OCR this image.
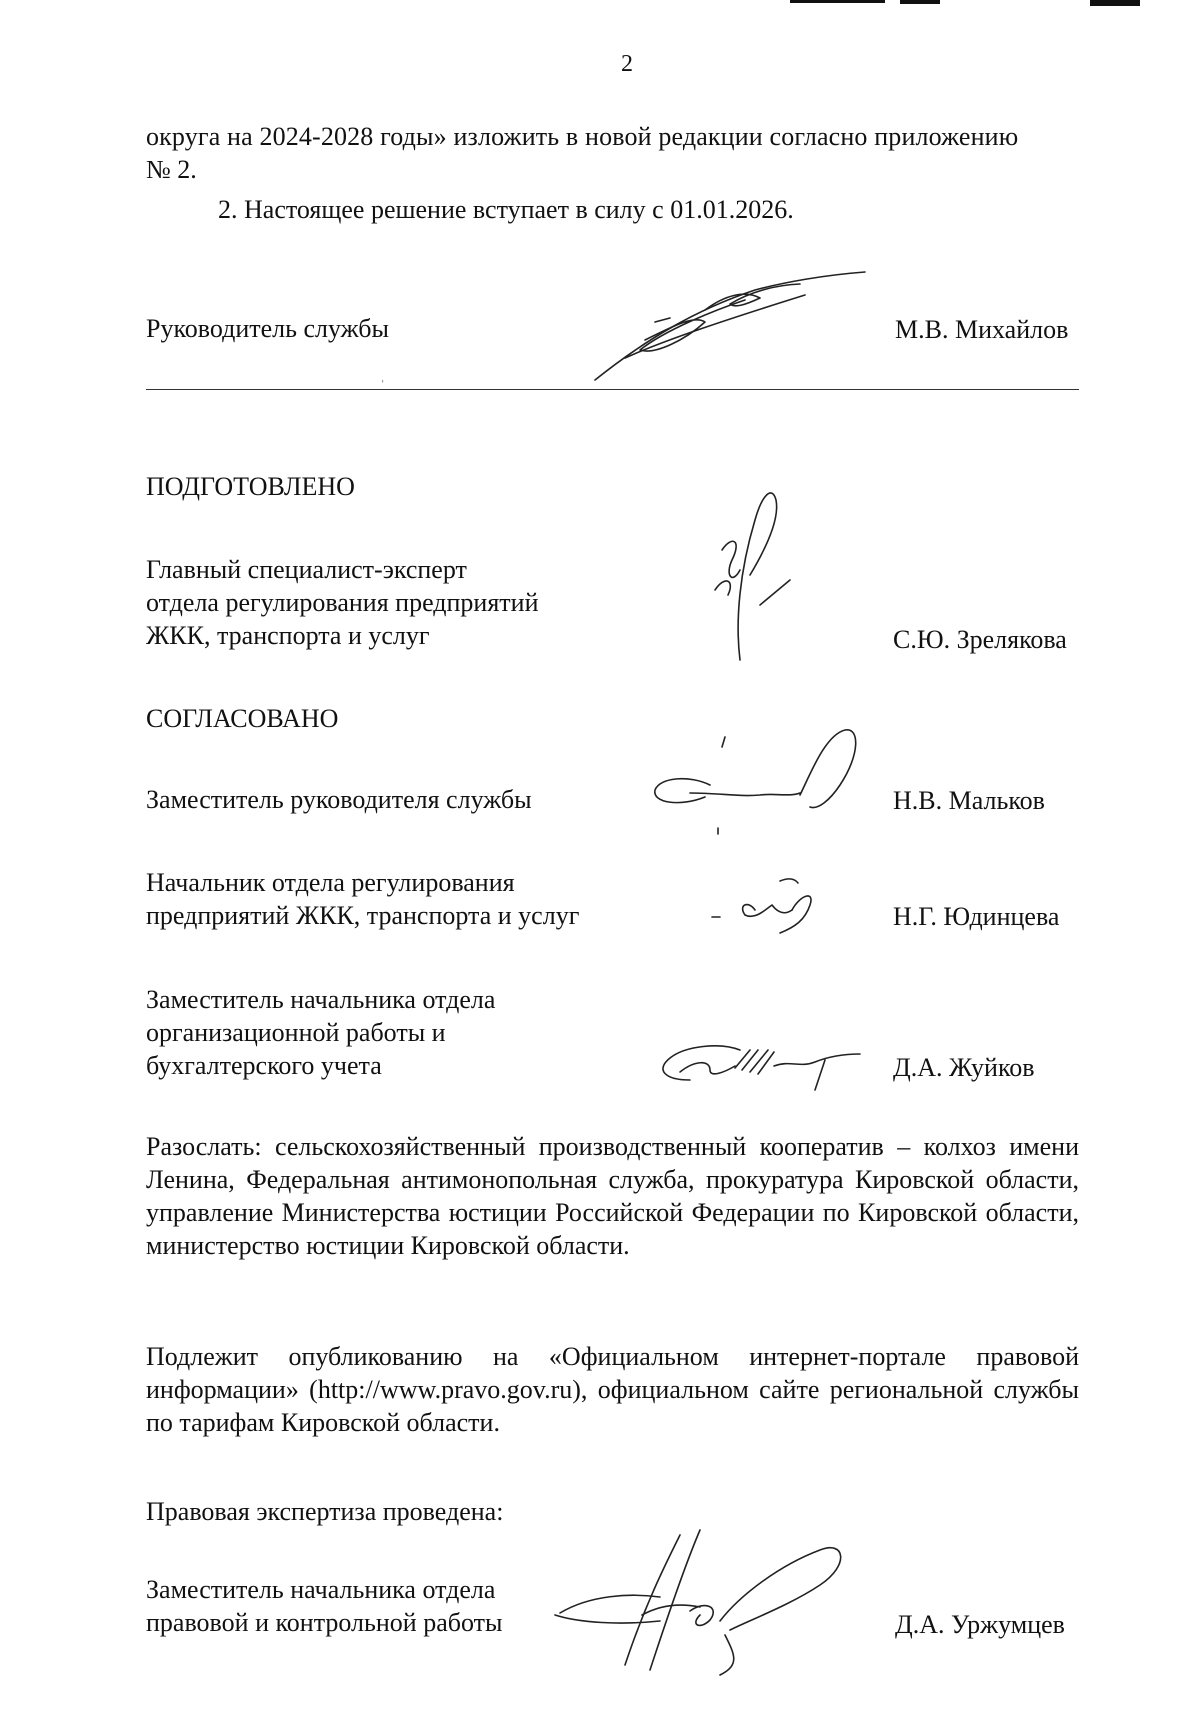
2
округа на 2024-2028 годы» изложить в новой редакции согласно приложению
№ 2.
2. Настоящее решение вступает в силу с 01.01.2026.
Руководитель службы	М.В. Михайлов
ПОДГОТОВЛЕНО
Главный специалист-эксперт
отдела регулирования предприятий
ЖКК, транспорта и услуг	С.Ю. Зрелякова
СОГЛАСОВАНО
Заместитель руководителя службы	Н.В. Мальков
Начальник отдела регулирования
предприятий ЖКК, транспорта и услуг	Н.Г. Юдинцева
Заместитель начальника отдела
организационной работы и
бухгалтерского учета	Д.А. Жуйков
Разослать: сельскохозяйственный производственный кооператив – колхоз имени Ленина, Федеральная антимонопольная служба, прокуратура Кировской области, управление Министерства юстиции Российской Федерации по Кировской области, министерство юстиции Кировской области.
Подлежит опубликованию на «Официальном интернет-портале правовой информации» (http://www.pravo.gov.ru), официальном сайте региональной службы по тарифам Кировской области.
Правовая экспертиза проведена:
Заместитель начальника отдела
правовой и контрольной работы	Д.А. Уржумцев
ˌ
